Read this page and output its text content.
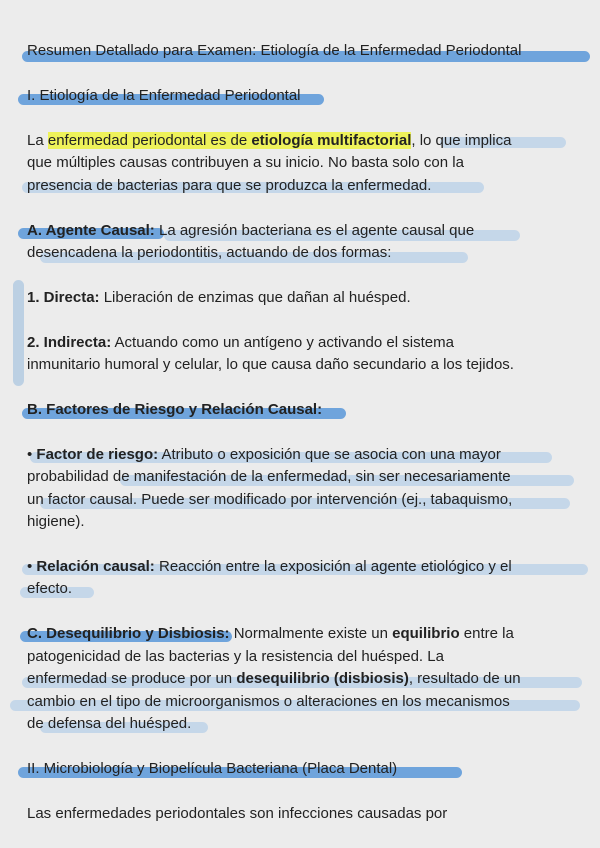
Resumen Detallado para Examen: Etiología de la Enfermedad Periodontal
I. Etiología de la Enfermedad Periodontal
La enfermedad periodontal es de etiología multifactorial, lo que implica
que múltiples causas contribuyen a su inicio. No basta solo con la
presencia de bacterias para que se produzca la enfermedad.
A. Agente Causal: La agresión bacteriana es el agente causal que
desencadena la periodontitis, actuando de dos formas:
1. Directa: Liberación de enzimas que dañan al huésped.
2. Indirecta: Actuando como un antígeno y activando el sistema
inmunitario humoral y celular, lo que causa daño secundario a los tejidos.
B. Factores de Riesgo y Relación Causal:
• Factor de riesgo: Atributo o exposición que se asocia con una mayor
probabilidad de manifestación de la enfermedad, sin ser necesariamente
un factor causal. Puede ser modificado por intervención (ej., tabaquismo,
higiene).
• Relación causal: Reacción entre la exposición al agente etiológico y el
efecto.
C. Desequilibrio y Disbiosis: Normalmente existe un equilibrio entre la
patogenicidad de las bacterias y la resistencia del huésped. La
enfermedad se produce por un desequilibrio (disbiosis), resultado de un
cambio en el tipo de microorganismos o alteraciones en los mecanismos
de defensa del huésped.
II. Microbiología y Biopelícula Bacteriana (Placa Dental)
Las enfermedades periodontales son infecciones causadas por
